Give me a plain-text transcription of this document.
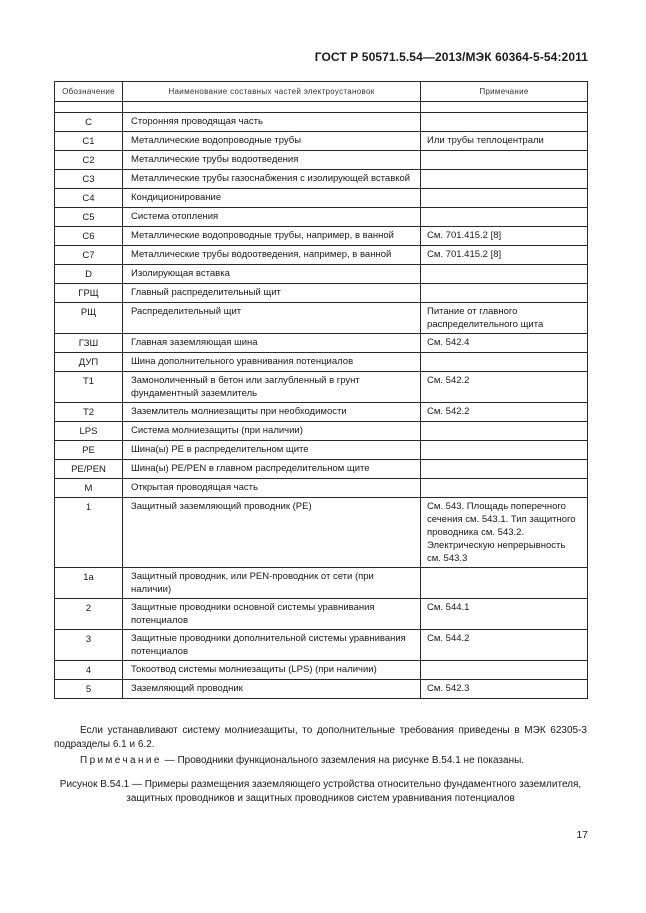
ГОСТ Р 50571.5.54—2013/МЭК 60364-5-54:2011
Обозначение	Наименование составных частей электроустановок	Примечание

C	Сторонняя проводящая часть	
C1	Металлические водопроводные трубы	Или трубы теплоцентрали
C2	Металлические трубы водоотведения	
C3	Металлические трубы газоснабжения с изолирующей вставкой	
C4	Кондиционирование	
C5	Система отопления	
C6	Металлические водопроводные трубы, например, в ванной	См. 701.415.2 [8]
C7	Металлические трубы водоотведения, например, в ванной	См. 701.415.2 [8]
D	Изолирующая вставка	
ГРЩ	Главный распределительный щит	
РЩ	Распределительный щит	Питание от главного распределительного щита
ГЗШ	Главная заземляющая шина	См. 542.4
ДУП	Шина дополнительного уравнивания потенциалов	
T1	Замоноличенный в бетон или заглубленный в грунт фундаментный заземлитель	См. 542.2
T2	Заземлитель молниезащиты при необходимости	См. 542.2
LPS	Система молниезащиты (при наличии)	
PE	Шина(ы) PE в распределительном щите	
PE/PEN	Шина(ы) PE/PEN в главном распределительном щите	
M	Открытая проводящая часть	
1	Защитный заземляющий проводник (PE)	См. 543. Площадь поперечного сечения см. 543.1. Тип защитного проводника см. 543.2. Электрическую непрерывность см. 543.3
1a	Защитный проводник, или PEN-проводник от сети (при наличии)	
2	Защитные проводники основной системы уравнивания потенциалов	См. 544.1
3	Защитные проводники дополнительной системы уравнивания потенциалов	См. 544.2
4	Токоотвод системы молниезащиты (LPS) (при наличии)	
5	Заземляющий проводник	См. 542.3
Если устанавливают систему молниезащиты, то дополнительные требования приведены в МЭК 62305-3 подразделы 6.1 и 6.2.
Примечание — Проводники функционального заземления на рисунке В.54.1 не показаны.
Рисунок В.54.1 — Примеры размещения заземляющего устройства относительно фундаментного заземлителя, защитных проводников и защитных проводников систем уравнивания потенциалов
17
